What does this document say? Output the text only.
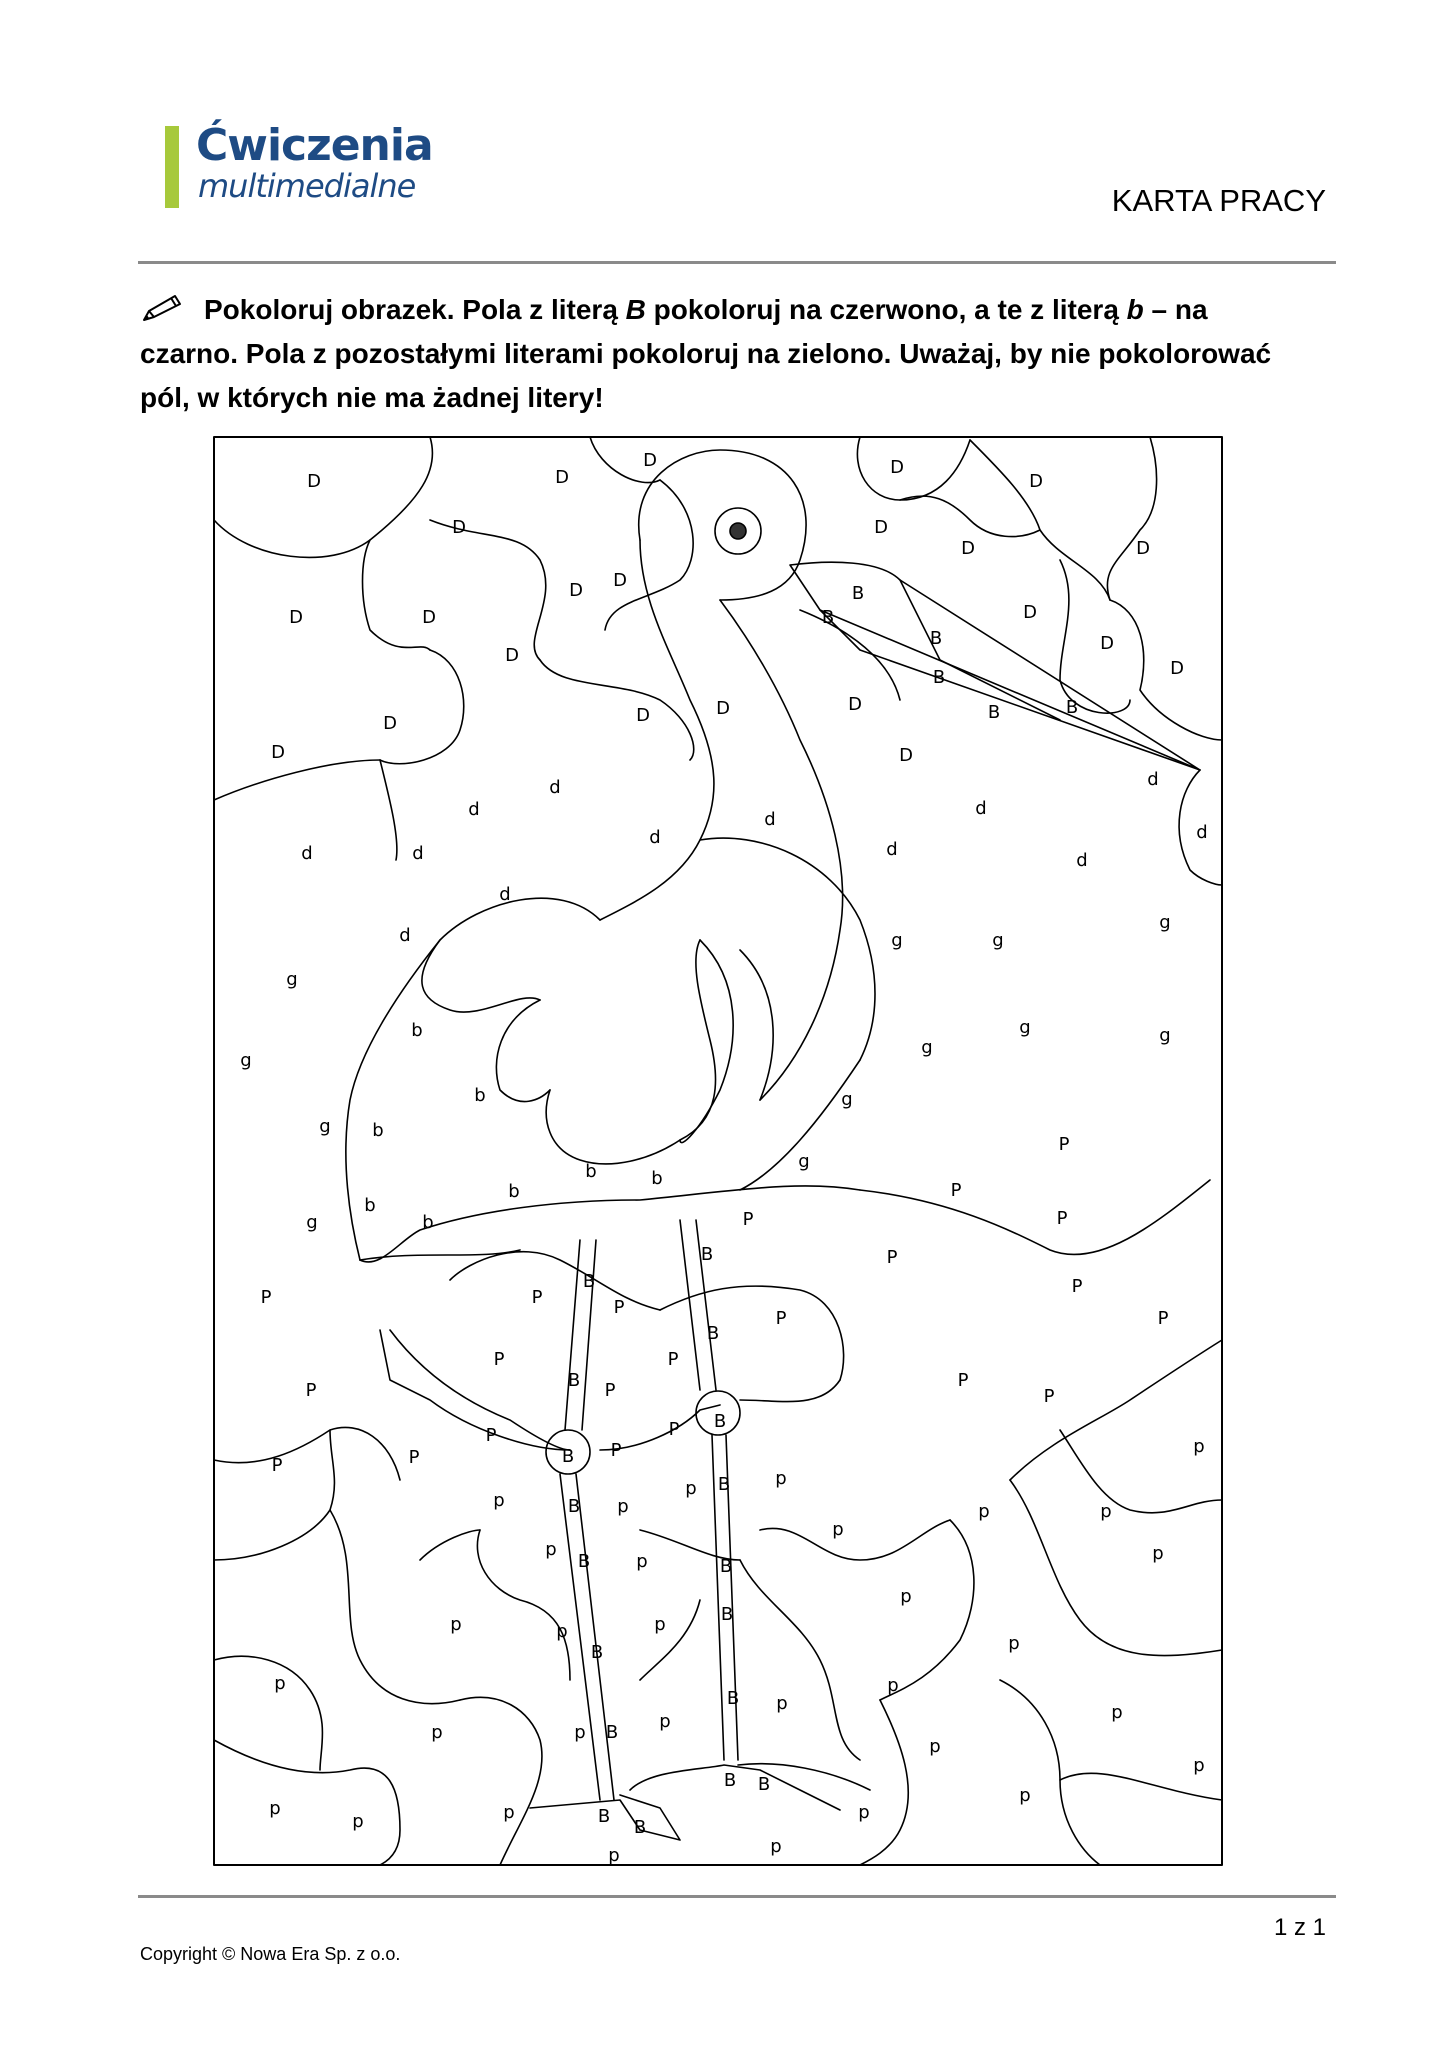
Ćwiczenia
multimedialne	KARTA PRACY
Pokoloruj obrazek. Pola z literą B pokoloruj na czerwono, a te z literą b – na czarno. Pola z pozostałymi literami pokoloruj na zielono. Uważaj, by nie pokolorować pól, w których nie ma żadnej litery!
D	D
D	D
D
D	D
D	D
D D
D	D	D
D
D
D
D	D	D	D
D	D
B
B
B
B
B	B
B
B
B
B
B
B
B
B
B	B
B
B
B
B
B B
B
B
d
d	d
d
d
d
d	d
d
d
d
d
d	g	g
g
g
g	g
g
g
g
g
g
g
b
b
b
b
b	b
b
b
P
P
P
P
P
P	P	P
P
P	P
P	P
P
P	P
P
P
P
P
P
P
p
p	p
p	p
p	p
p
p
p
p
p
p	p	p
p
p	p
p	p
p	p
p
p
p
p
p
p	p	p
p	p
1 z 1
Copyright © Nowa Era Sp. z o.o.
